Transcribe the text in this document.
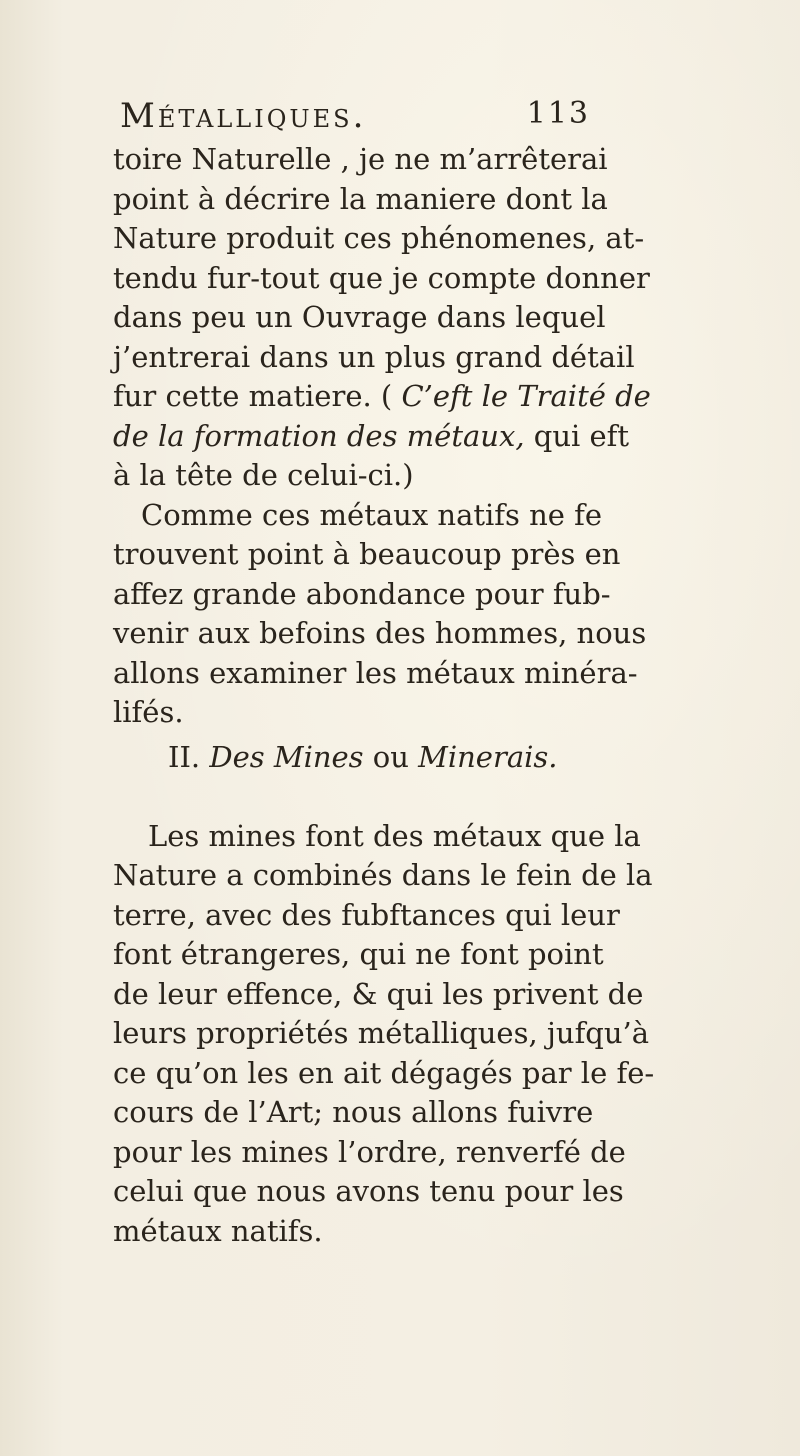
Métalliques.	113
toire Naturelle , je ne m’arrêterai
point à décrire la maniere dont la
Nature produit ces phénomenes, at-
tendu fur-tout que je compte donner
dans peu un Ouvrage dans lequel
j’entrerai dans un plus grand détail
fur cette matiere. ( C’eft le Traité de
de la formation des métaux, qui eft
à la tête de celui-ci.)
Comme ces métaux natifs ne fe
trouvent point à beaucoup près en
affez grande abondance pour fub-
venir aux befoins des hommes, nous
allons examiner les métaux minéra-
lifés.
II. Des Mines ou Minerais.
Les mines font des métaux que la
Nature a combinés dans le fein de la
terre, avec des fubftances qui leur
font étrangeres, qui ne font point
de leur effence, & qui les privent de
leurs propriétés métalliques, jufqu’à
ce qu’on les en ait dégagés par le fe-
cours de l’Art; nous allons fuivre
pour les mines l’ordre, renverfé de
celui que nous avons tenu pour les
métaux natifs.
